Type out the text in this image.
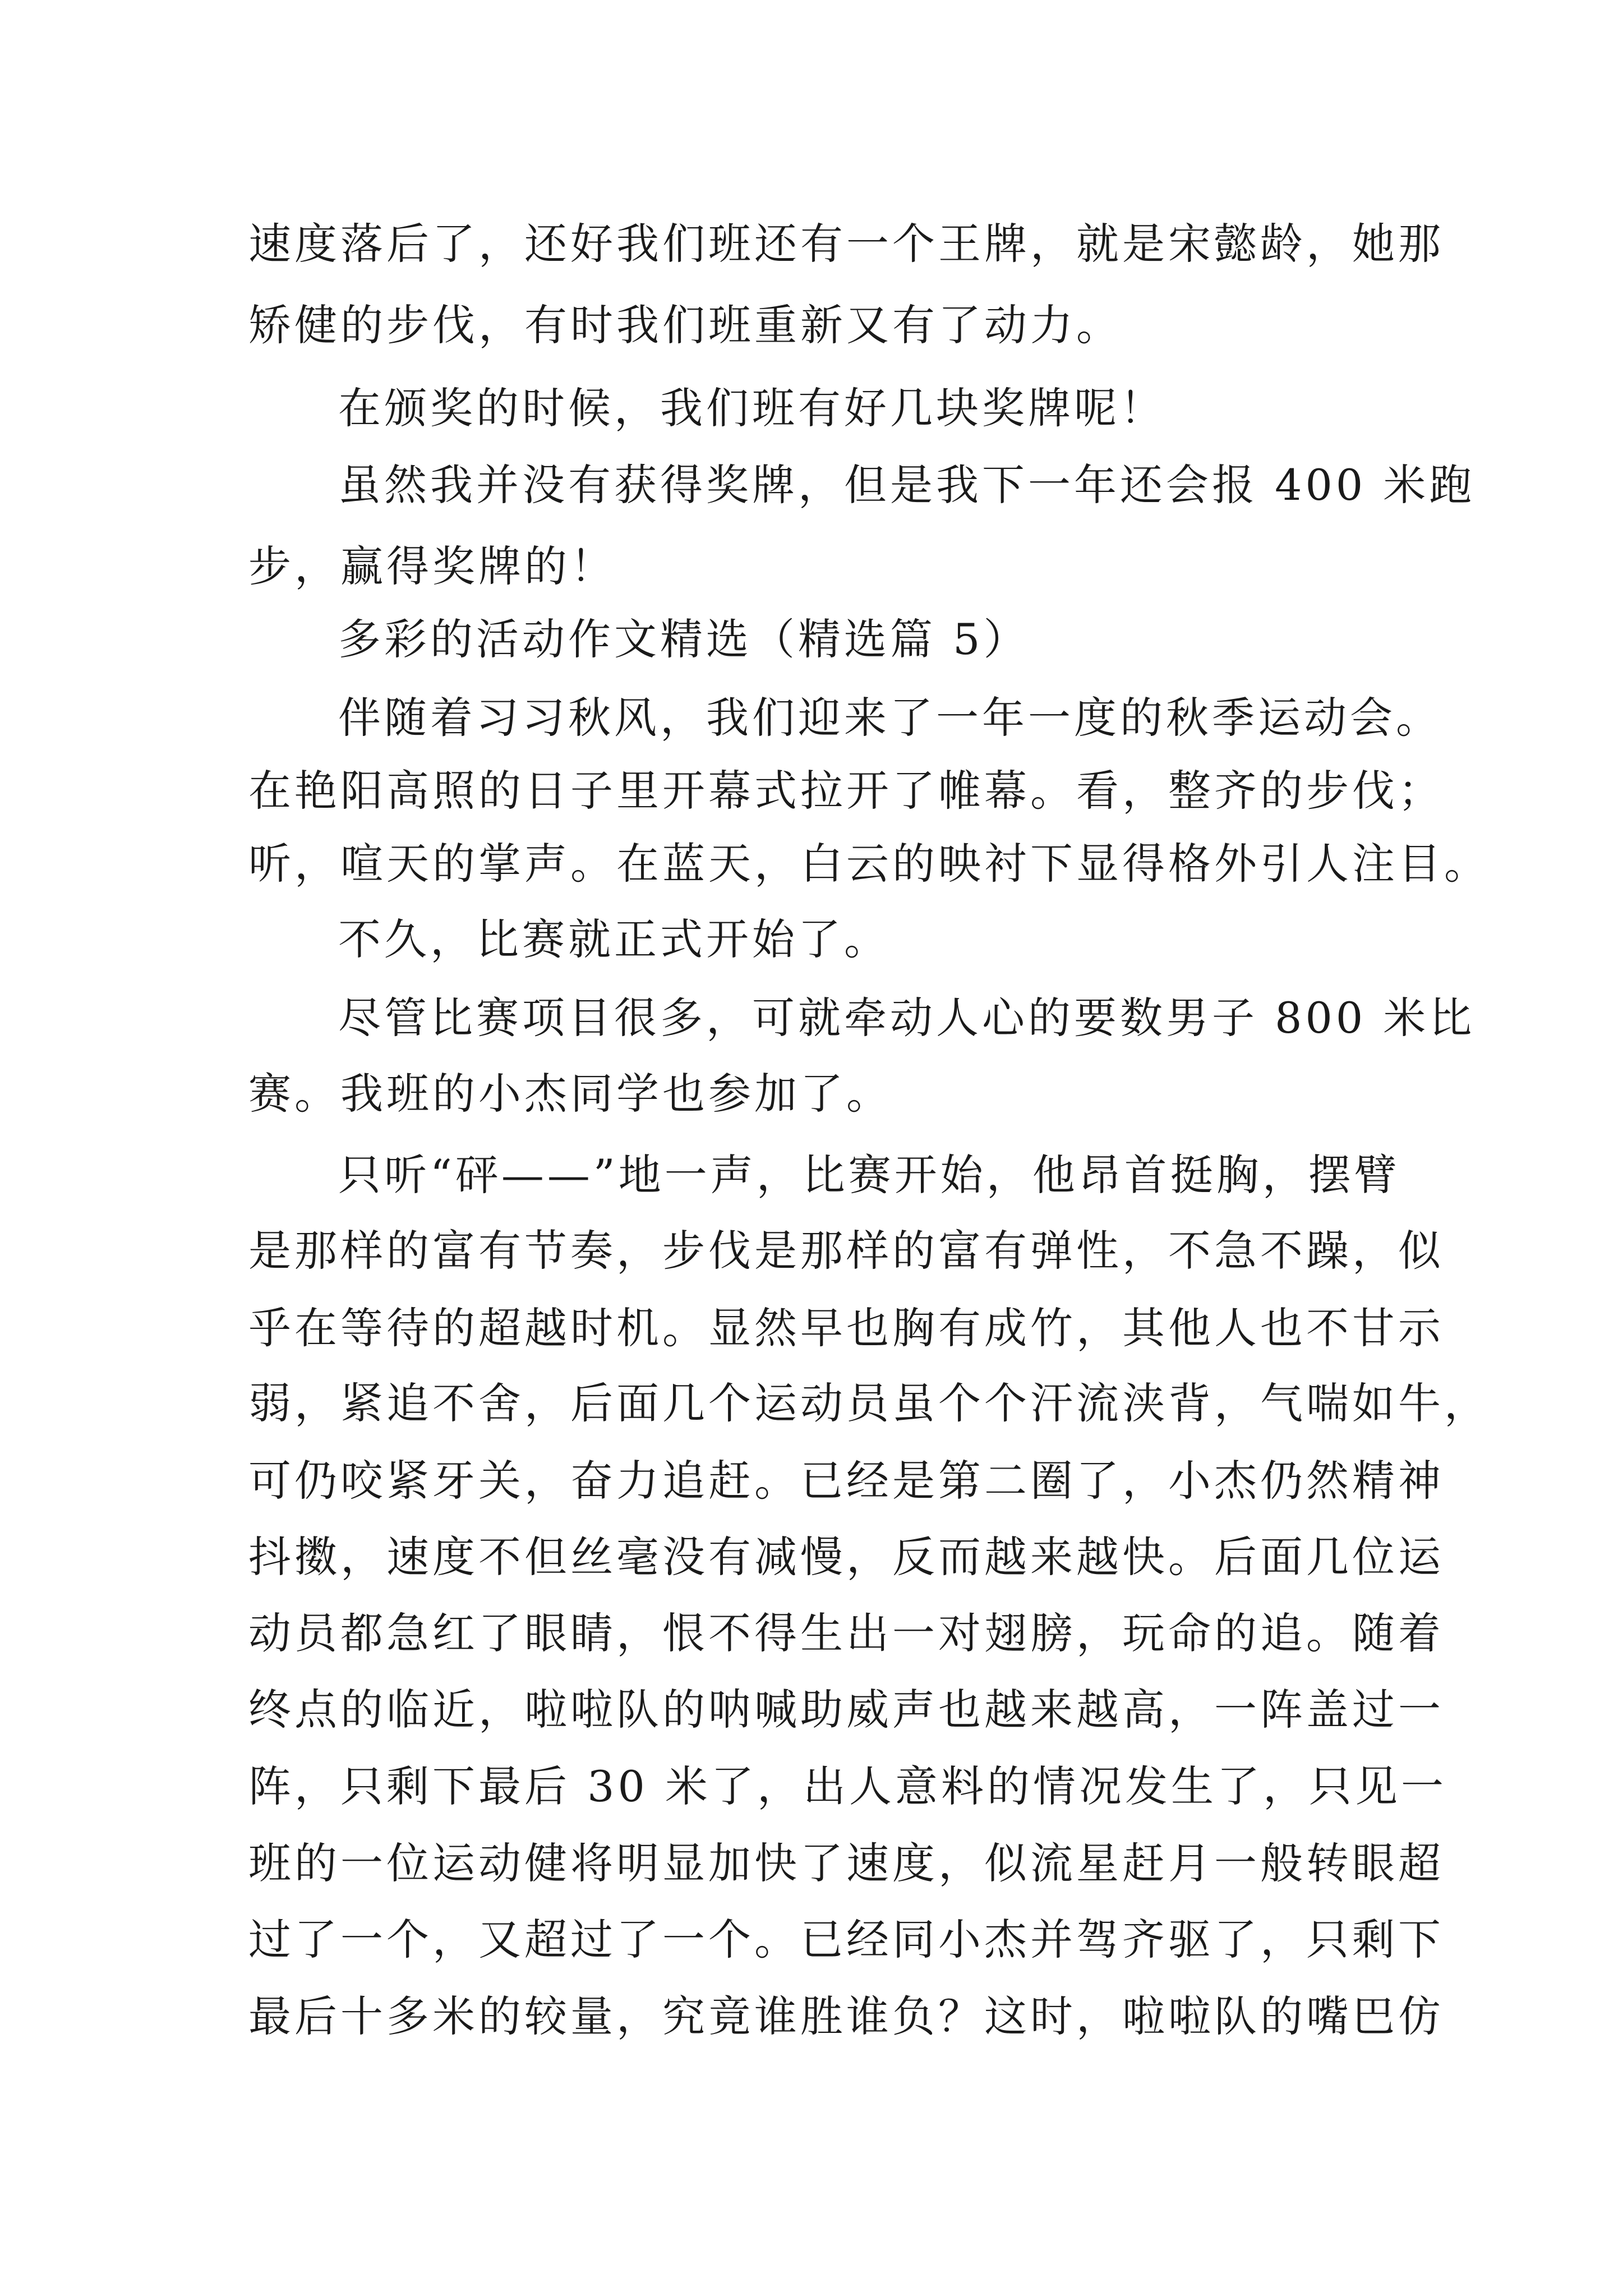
速度落后了，还好我们班还有一个王牌，就是宋懿龄，她那
矫健的步伐，有时我们班重新又有了动力。
在颁奖的时候，我们班有好几块奖牌呢！
虽然我并没有获得奖牌，但是我下一年还会报 400 米跑
步，赢得奖牌的！
多彩的活动作文精选（精选篇 5）
伴随着习习秋风，我们迎来了一年一度的秋季运动会。
在艳阳高照的日子里开幕式拉开了帷幕。看，整齐的步伐；
听，喧天的掌声。在蓝天，白云的映衬下显得格外引人注目。
不久，比赛就正式开始了。
尽管比赛项目很多，可就牵动人心的要数男子 800 米比
赛。我班的小杰同学也参加了。
只听“砰——”地一声，比赛开始，他昂首挺胸，摆臂
是那样的富有节奏，步伐是那样的富有弹性，不急不躁，似
乎在等待的超越时机。显然早也胸有成竹，其他人也不甘示
弱，紧追不舍，后面几个运动员虽个个汗流浃背，气喘如牛，
可仍咬紧牙关，奋力追赶。已经是第二圈了，小杰仍然精神
抖擞，速度不但丝毫没有减慢，反而越来越快。后面几位运
动员都急红了眼睛，恨不得生出一对翅膀，玩命的追。随着
终点的临近，啦啦队的呐喊助威声也越来越高，一阵盖过一
阵，只剩下最后 30 米了，出人意料的情况发生了，只见一
班的一位运动健将明显加快了速度，似流星赶月一般转眼超
过了一个，又超过了一个。已经同小杰并驾齐驱了，只剩下
最后十多米的较量，究竟谁胜谁负？这时，啦啦队的嘴巴仿
